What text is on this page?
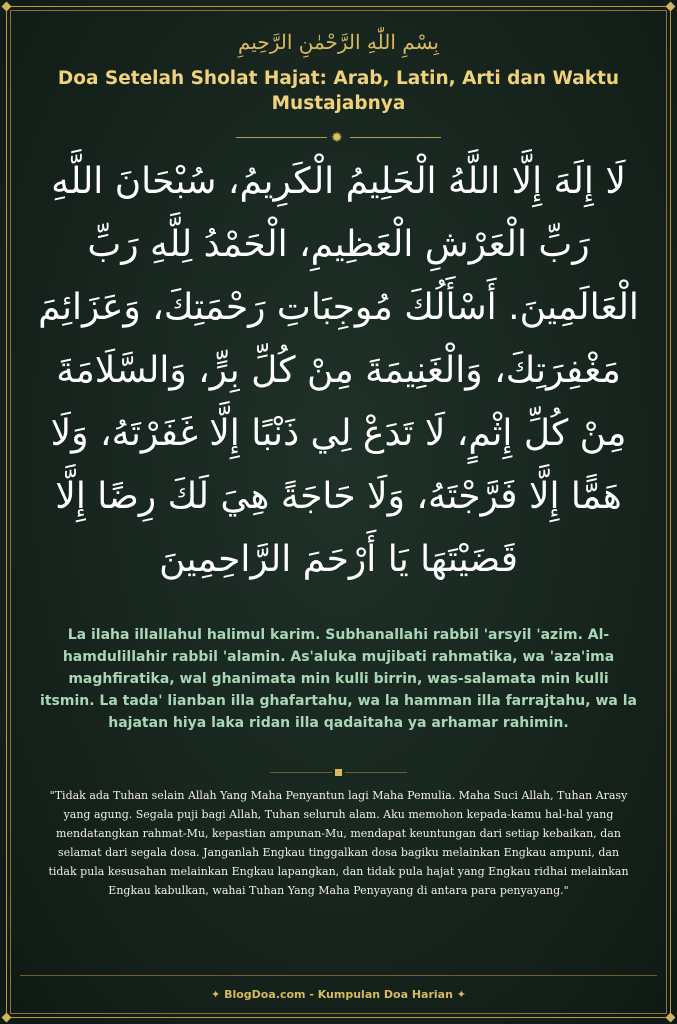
بِسْمِ اللّٰهِ الرَّحْمٰنِ الرَّحِيمِ
Doa Setelah Sholat Hajat: Arab, Latin, Arti dan Waktu Mustajabnya
✹
لَا إِلَهَ إِلَّا اللَّهُ الْحَلِيمُ الْكَرِيمُ، سُبْحَانَ اللَّهِ رَبِّ الْعَرْشِ الْعَظِيمِ، الْحَمْدُ لِلَّهِ رَبِّ الْعَالَمِينَ. أَسْأَلُكَ مُوجِبَاتِ رَحْمَتِكَ، وَعَزَائِمَ مَغْفِرَتِكَ، وَالْغَنِيمَةَ مِنْ كُلِّ بِرٍّ، وَالسَّلَامَةَ مِنْ كُلِّ إِثْمٍ، لَا تَدَعْ لِي ذَنْبًا إِلَّا غَفَرْتَهُ، وَلَا هَمًّا إِلَّا فَرَّجْتَهُ، وَلَا حَاجَةً هِيَ لَكَ رِضًا إِلَّا قَضَيْتَهَا يَا أَرْحَمَ الرَّاحِمِينَ
La ilaha illallahul halimul karim. Subhanallahi rabbil 'arsyil 'azim. Al-hamdulillahir rabbil 'alamin. As'aluka mujibati rahmatika, wa 'aza'ima maghfiratika, wal ghanimata min kulli birrin, was-salamata min kulli itsmin. La tada' lianban illa ghafartahu, wa la hamman illa farrajtahu, wa la hajatan hiya laka ridan illa qadaitaha ya arhamar rahimin.
"Tidak ada Tuhan selain Allah Yang Maha Penyantun lagi Maha Pemulia. Maha Suci Allah, Tuhan Arasy yang agung. Segala puji bagi Allah, Tuhan seluruh alam. Aku memohon kepada-kamu hal-hal yang mendatangkan rahmat-Mu, kepastian ampunan-Mu, mendapat keuntungan dari setiap kebaikan, dan selamat dari segala dosa. Janganlah Engkau tinggalkan dosa bagiku melainkan Engkau ampuni, dan tidak pula kesusahan melainkan Engkau lapangkan, dan tidak pula hajat yang Engkau ridhai melainkan Engkau kabulkan, wahai Tuhan Yang Maha Penyayang di antara para penyayang."
✦ BlogDoa.com - Kumpulan Doa Harian ✦
